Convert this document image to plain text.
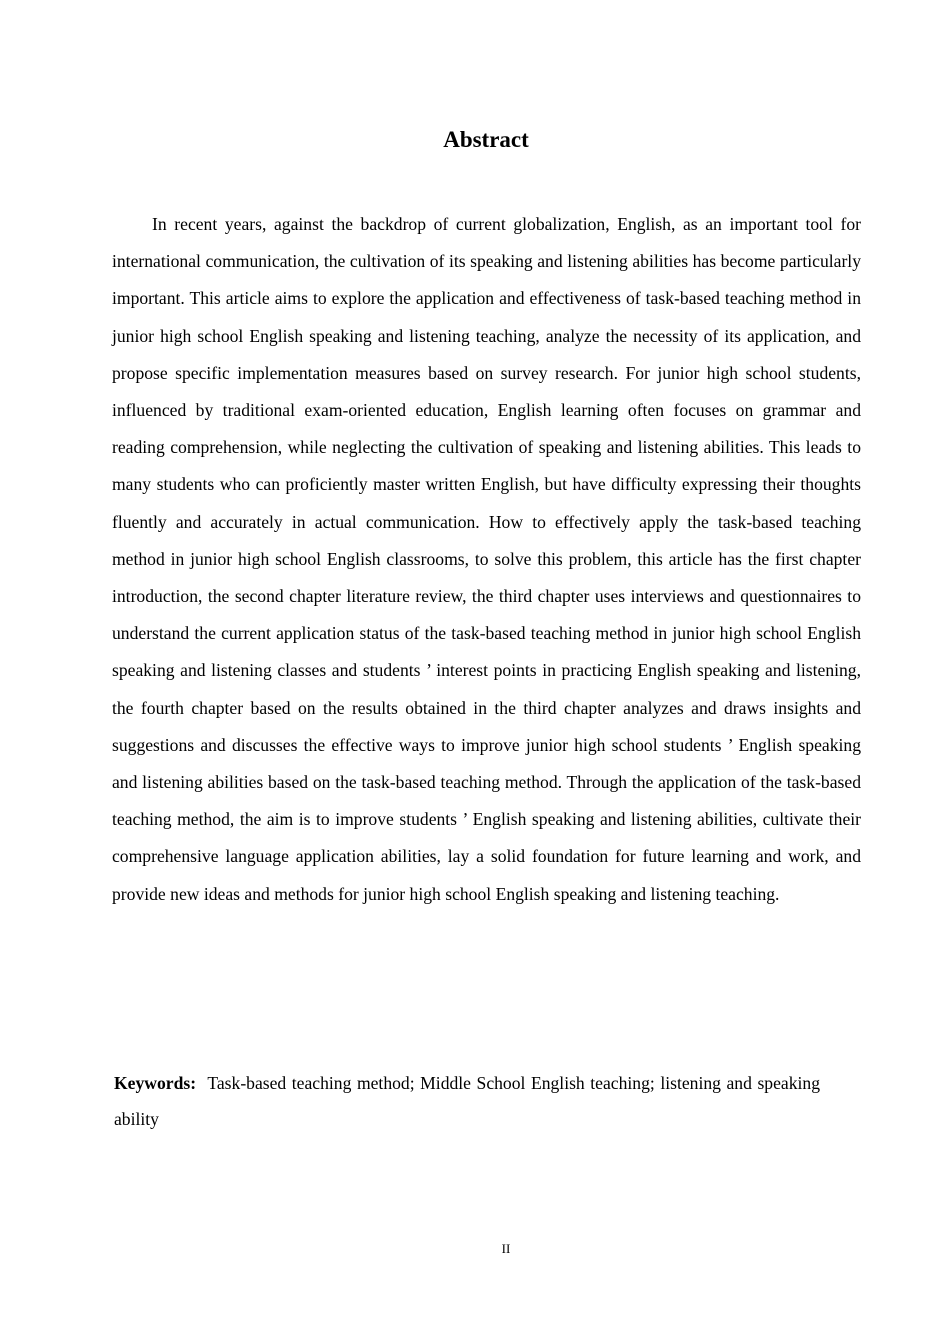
Abstract

In recent years, against the backdrop of current globalization, English, as an important tool for international communication, the cultivation of its speaking and listening abilities has become particularly important. This article aims to explore the application and effectiveness of task-based teaching method in junior high school English speaking and listening teaching, analyze the necessity of its application, and propose specific implementation measures based on survey research. For junior high school students, influenced by traditional exam-oriented education, English learning often focuses on grammar and reading comprehension, while neglecting the cultivation of speaking and listening abilities. This leads to many students who can proficiently master written English, but have difficulty expressing their thoughts fluently and accurately in actual communication. How to effectively apply the task-based teaching method in junior high school English classrooms, to solve this problem, this article has the first chapter introduction, the second chapter literature review, the third chapter uses interviews and questionnaires to understand the current application status of the task-based teaching method in junior high school English speaking and listening classes and students ’ interest points in practicing English speaking and listening, the fourth chapter based on the results obtained in the third chapter analyzes and draws insights and suggestions and discusses the effective ways to improve junior high school students ’ English speaking and listening abilities based on the task-based teaching method. Through the application of the task-based teaching method, the aim is to improve students ’ English speaking and listening abilities, cultivate their comprehensive language application abilities, lay a solid foundation for future learning and work, and provide new ideas and methods for junior high school English speaking and listening teaching.

Keywords: Task-based teaching method; Middle School English teaching; listening and speaking ability

II
